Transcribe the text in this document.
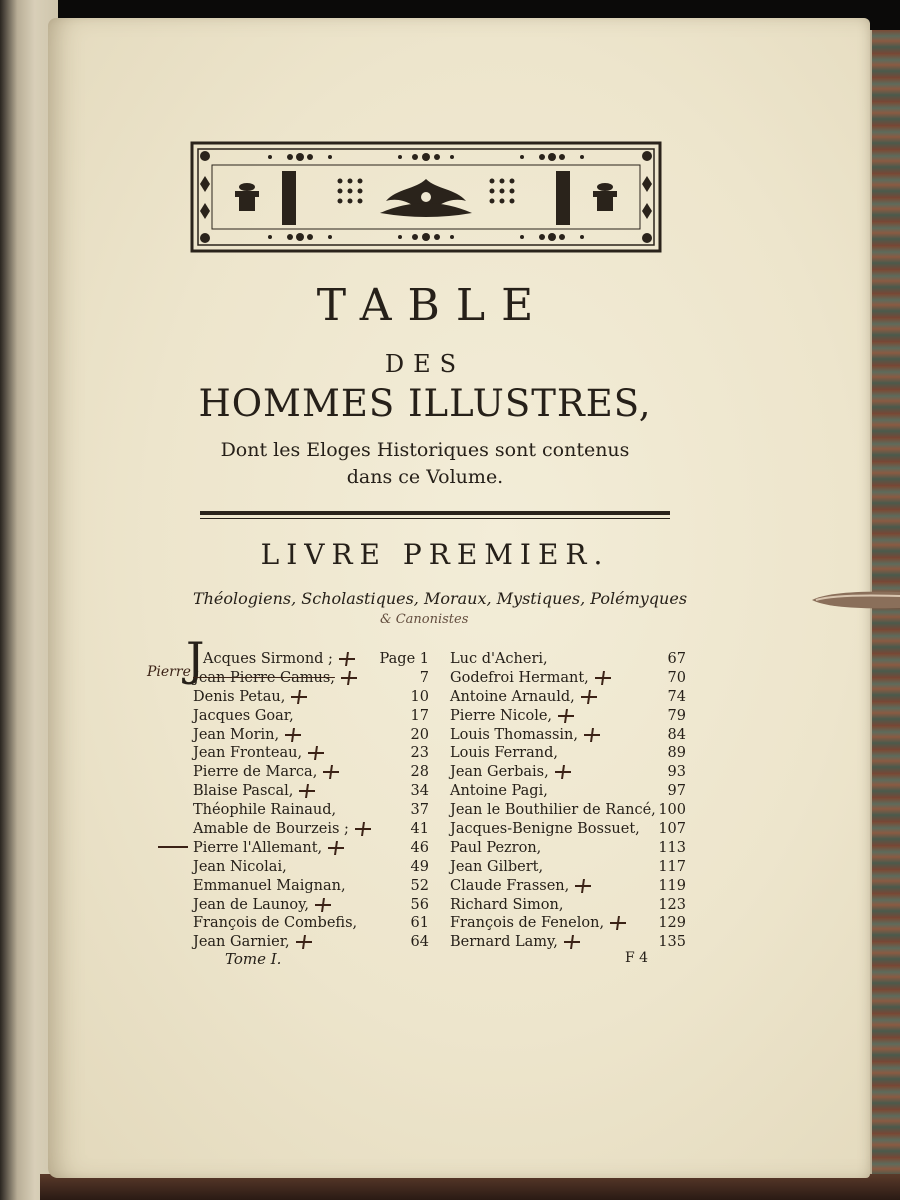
TABLE
DES
HOMMES ILLUSTRES,
Dont les Eloges Historiques sont contenus
dans ce Volume.
LIVRE PREMIER.
Théologiens, Scholastiques, Moraux, Mystiques, Polémyques
& Canonistes
J
Pierre
Acques Sirmond ;	Page 1
Jean Pierre Camus,	7
Denis Petau,	10
Jacques Goar,	17
Jean Morin,	20
Jean Fronteau,	23
Pierre de Marca,	28
Blaise Pascal,	34
Théophile Rainaud,	37
Amable de Bourzeis ;	41
Pierre l'Allemant,	46
Jean Nicolai,	49
Emmanuel Maignan,	52
Jean de Launoy,	56
François de Combefis,	61
Jean Garnier,	64
Luc d'Acheri,	67
Godefroi Hermant,	70
Antoine Arnauld,	74
Pierre Nicole,	79
Louis Thomassin,	84
Louis Ferrand,	89
Jean Gerbais,	93
Antoine Pagi,	97
Jean le Bouthilier de Rancé, 100
Jacques-Benigne Bossuet, 107
Paul Pezron,	113
Jean Gilbert,	117
Claude Frassen,	119
Richard Simon,	123
François de Fenelon,	129
Bernard Lamy,	135
Tome I.	F 4
